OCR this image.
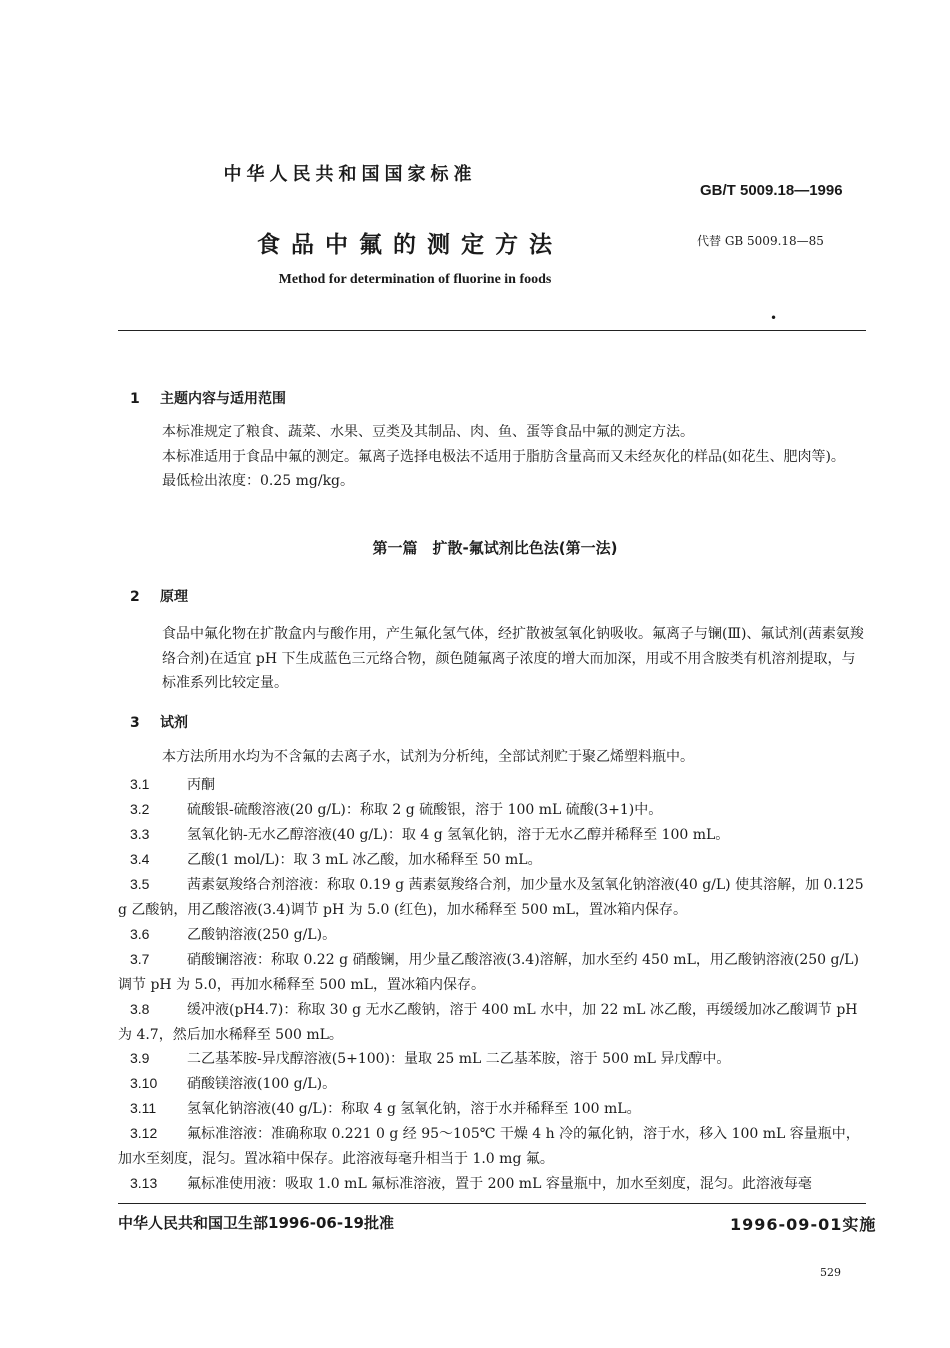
中华人民共和国国家标准
GB/T 5009.18—1996
食品中氟的测定方法	代替 GB 5009.18—85
Method for determination of fluorine in foods
•
1 主题内容与适用范围
本标准规定了粮食、蔬菜、水果、豆类及其制品、肉、鱼、蛋等食品中氟的测定方法。
本标准适用于食品中氟的测定。氟离子选择电极法不适用于脂肪含量高而又未经灰化的样品(如花生、肥肉等)。
最低检出浓度：0.25 mg/kg。
第一篇　扩散-氟试剂比色法(第一法)
2 原理
食品中氟化物在扩散盒内与酸作用，产生氟化氢气体，经扩散被氢氧化钠吸收。氟离子与镧(Ⅲ)、氟试剂(茜素氨羧络合剂)在适宜 pH 下生成蓝色三元络合物，颜色随氟离子浓度的增大而加深，用或不用含胺类有机溶剂提取，与标准系列比较定量。
3 试剂
本方法所用水均为不含氟的去离子水，试剂为分析纯，全部试剂贮于聚乙烯塑料瓶中。
3.1	丙酮
3.2	硫酸银-硫酸溶液(20 g/L)：称取 2 g 硫酸银，溶于 100 mL 硫酸(3+1)中。
3.3	氢氧化钠-无水乙醇溶液(40 g/L)：取 4 g 氢氧化钠，溶于无水乙醇并稀释至 100 mL。
3.4	乙酸(1 mol/L)：取 3 mL 冰乙酸，加水稀释至 50 mL。
3.5	茜素氨羧络合剂溶液：称取 0.19 g 茜素氨羧络合剂，加少量水及氢氧化钠溶液(40 g/L) 使其溶解，加 0.125 g 乙酸钠，用乙酸溶液(3.4)调节 pH 为 5.0 (红色)，加水稀释至 500 mL，置冰箱内保存。
3.6	乙酸钠溶液(250 g/L)。
3.7	硝酸镧溶液：称取 0.22 g 硝酸镧，用少量乙酸溶液(3.4)溶解，加水至约 450 mL，用乙酸钠溶液(250 g/L)调节 pH 为 5.0，再加水稀释至 500 mL，置冰箱内保存。
3.8	缓冲液(pH4.7)：称取 30 g 无水乙酸钠，溶于 400 mL 水中，加 22 mL 冰乙酸，再缓缓加冰乙酸调节 pH 为 4.7，然后加水稀释至 500 mL。
3.9	二乙基苯胺-异戊醇溶液(5+100)：量取 25 mL 二乙基苯胺，溶于 500 mL 异戊醇中。
3.10 硝酸镁溶液(100 g/L)。
3.11 氢氧化钠溶液(40 g/L)：称取 4 g 氢氧化钠，溶于水并稀释至 100 mL。
3.12 氟标准溶液：准确称取 0.221 0 g 经 95～105℃ 干燥 4 h 冷的氟化钠，溶于水，移入 100 mL 容量瓶中，加水至刻度，混匀。置冰箱中保存。此溶液每毫升相当于 1.0 mg 氟。
3.13 氟标准使用液：吸取 1.0 mL 氟标准溶液，置于 200 mL 容量瓶中，加水至刻度，混匀。此溶液每毫
中华人民共和国卫生部1996-06-19批准	1996-09-01实施
529
